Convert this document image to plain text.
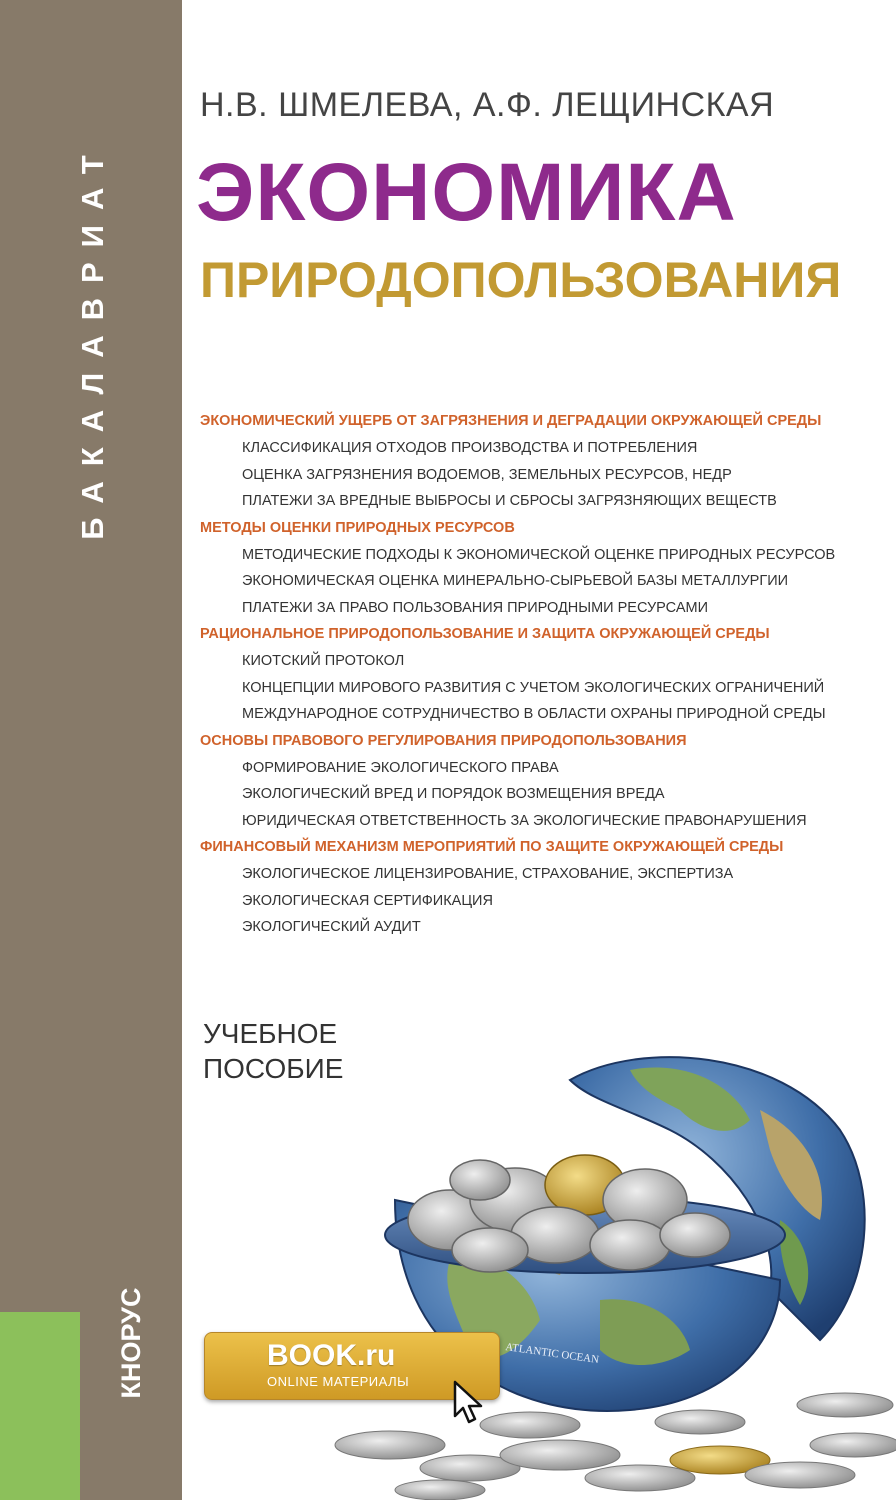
БАКАЛАВРИАТ
КНОРУС
Н.В. ШМЕЛЕВА, А.Ф. ЛЕЩИНСКАЯ
ЭКОНОМИКА
ПРИРОДОПОЛЬЗОВАНИЯ
ЭКОНОМИЧЕСКИЙ УЩЕРБ ОТ ЗАГРЯЗНЕНИЯ И ДЕГРАДАЦИИ ОКРУЖАЮЩЕЙ СРЕДЫ
КЛАССИФИКАЦИЯ ОТХОДОВ ПРОИЗВОДСТВА И ПОТРЕБЛЕНИЯ
ОЦЕНКА ЗАГРЯЗНЕНИЯ ВОДОЕМОВ, ЗЕМЕЛЬНЫХ РЕСУРСОВ, НЕДР
ПЛАТЕЖИ ЗА ВРЕДНЫЕ ВЫБРОСЫ И СБРОСЫ ЗАГРЯЗНЯЮЩИХ ВЕЩЕСТВ
МЕТОДЫ ОЦЕНКИ ПРИРОДНЫХ РЕСУРСОВ
МЕТОДИЧЕСКИЕ ПОДХОДЫ К ЭКОНОМИЧЕСКОЙ ОЦЕНКЕ ПРИРОДНЫХ РЕСУРСОВ
ЭКОНОМИЧЕСКАЯ ОЦЕНКА МИНЕРАЛЬНО-СЫРЬЕВОЙ БАЗЫ МЕТАЛЛУРГИИ
ПЛАТЕЖИ ЗА ПРАВО ПОЛЬЗОВАНИЯ ПРИРОДНЫМИ РЕСУРСАМИ
РАЦИОНАЛЬНОЕ ПРИРОДОПОЛЬЗОВАНИЕ И ЗАЩИТА ОКРУЖАЮЩЕЙ СРЕДЫ
КИОТСКИЙ ПРОТОКОЛ
КОНЦЕПЦИИ МИРОВОГО РАЗВИТИЯ С УЧЕТОМ ЭКОЛОГИЧЕСКИХ ОГРАНИЧЕНИЙ
МЕЖДУНАРОДНОЕ СОТРУДНИЧЕСТВО В ОБЛАСТИ ОХРАНЫ ПРИРОДНОЙ СРЕДЫ
ОСНОВЫ ПРАВОВОГО РЕГУЛИРОВАНИЯ ПРИРОДОПОЛЬЗОВАНИЯ
ФОРМИРОВАНИЕ ЭКОЛОГИЧЕСКОГО ПРАВА
ЭКОЛОГИЧЕСКИЙ ВРЕД И ПОРЯДОК ВОЗМЕЩЕНИЯ ВРЕДА
ЮРИДИЧЕСКАЯ ОТВЕТСТВЕННОСТЬ ЗА ЭКОЛОГИЧЕСКИЕ ПРАВОНАРУШЕНИЯ
ФИНАНСОВЫЙ МЕХАНИЗМ МЕРОПРИЯТИЙ ПО ЗАЩИТЕ ОКРУЖАЮЩЕЙ СРЕДЫ
ЭКОЛОГИЧЕСКОЕ ЛИЦЕНЗИРОВАНИЕ, СТРАХОВАНИЕ, ЭКСПЕРТИЗА
ЭКОЛОГИЧЕСКАЯ СЕРТИФИКАЦИЯ
ЭКОЛОГИЧЕСКИЙ АУДИТ
УЧЕБНОЕ
ПОСОБИЕ
ATLANTIC OCEAN
BOOK.ru
ONLINE МАТЕРИАЛЫ
